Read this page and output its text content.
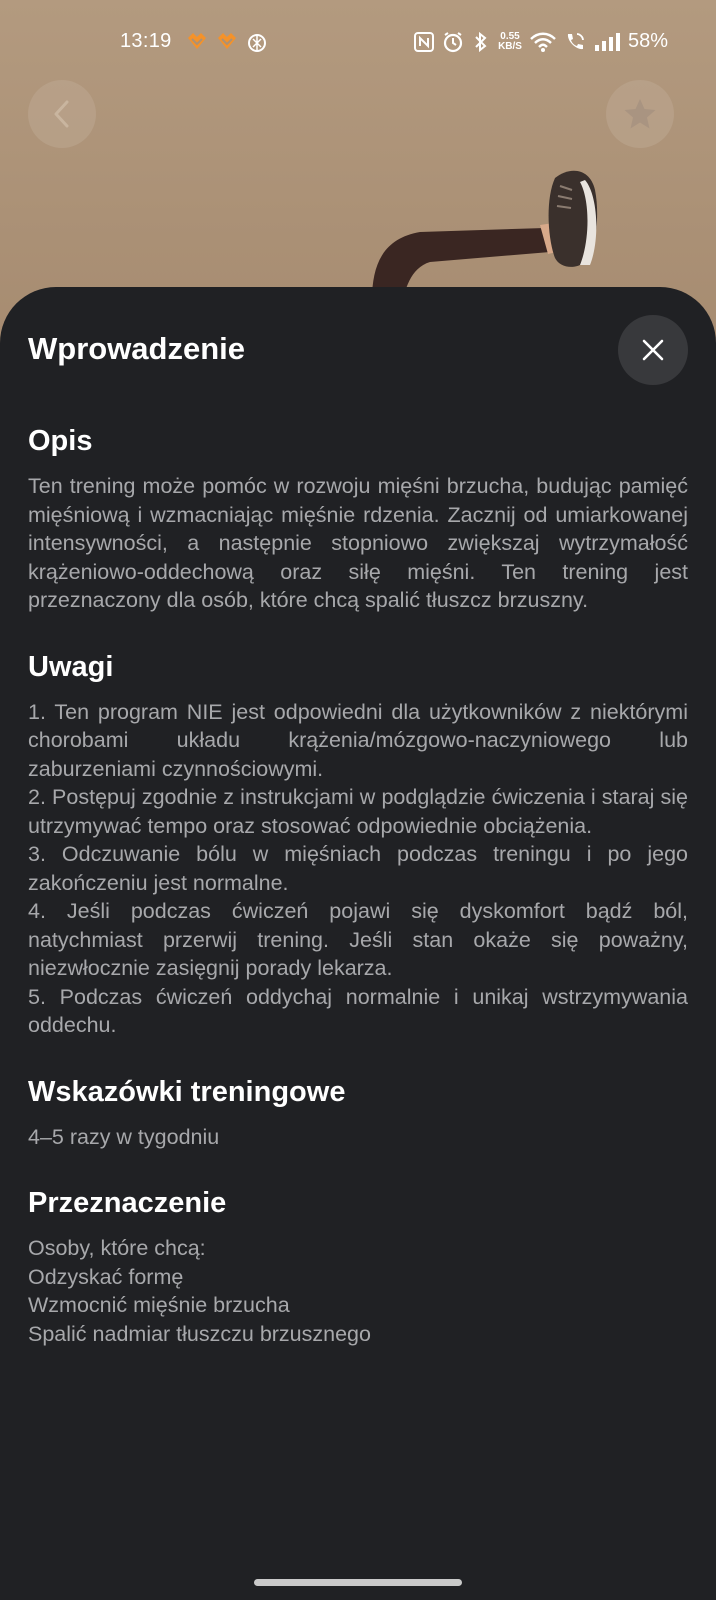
13:19	0.55
KB/S	58%
Wprowadzenie
Opis

Ten trening może pomóc w rozwoju mięśni brzucha, budując pamięć mięśniową i wzmacniając mięśnie rdzenia. Zacznij od umiarkowanej intensywności, a następnie stopniowo zwiększaj wytrzymałość krążeniowo-oddechową oraz siłę mięśni. Ten trening jest przeznaczony dla osób, które chcą spalić tłuszcz brzuszny.

Uwagi

1. Ten program NIE jest odpowiedni dla użytkowników z niektórymi chorobami układu krążenia/mózgowo-naczyniowego lub zaburzeniami czynnościowymi.

2. Postępuj zgodnie z instrukcjami w podglądzie ćwiczenia i staraj się utrzymywać tempo oraz stosować odpowiednie obciążenia.

3. Odczuwanie bólu w mięśniach podczas treningu i po jego zakończeniu jest normalne.

4. Jeśli podczas ćwiczeń pojawi się dyskomfort bądź ból, natychmiast przerwij trening. Jeśli stan okaże się poważny, niezwłocznie zasięgnij porady lekarza.

5. Podczas ćwiczeń oddychaj normalnie i unikaj wstrzymywania oddechu.

Wskazówki treningowe

4–5 razy w tygodniu

Przeznaczenie
Osoby, które chcą:
Odzyskać formę
Wzmocnić mięśnie brzucha
Spalić nadmiar tłuszczu brzusznego
